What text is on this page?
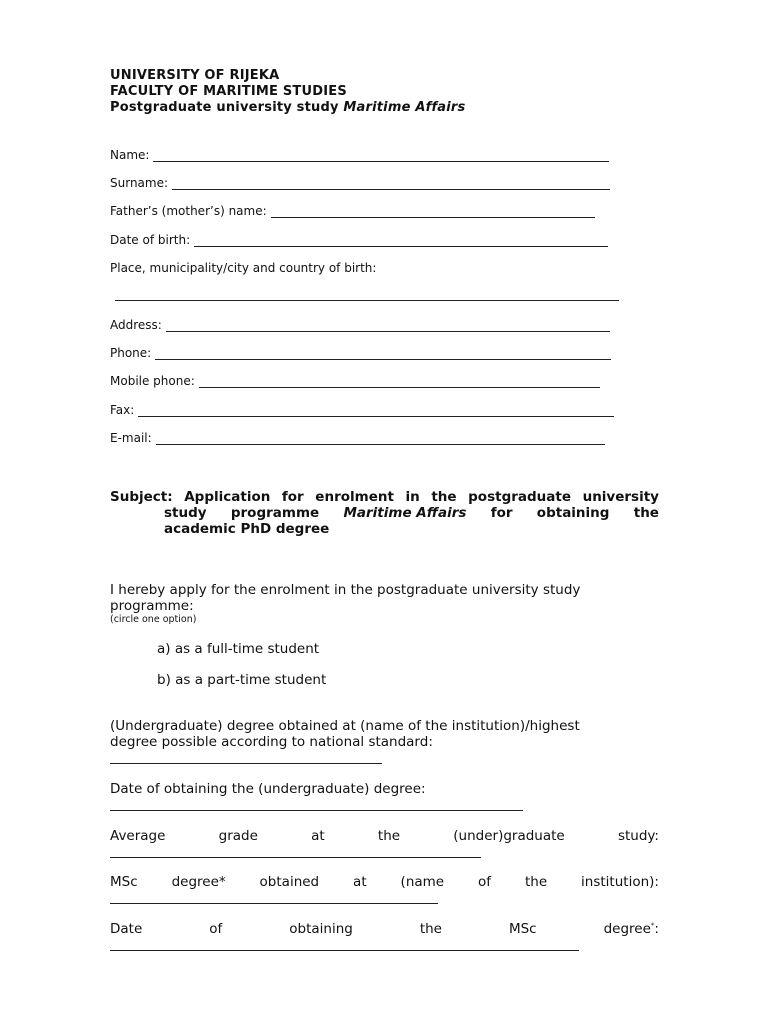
UNIVERSITY OF RIJEKA
FACULTY OF MARITIME STUDIES
Postgraduate university study Maritime Affairs
Name:
Surname:
Father’s (mother’s) name:
Date of birth:
Place, municipality/city and country of birth:
Address:
Phone:
Mobile phone:
Fax:
E-mail:
Subject: Application for enrolment in the postgraduate university
study programme Maritime Affairs for obtaining the
academic PhD degree
I hereby apply for the enrolment in the postgraduate university study
programme:
(circle one option)
a) as a full-time student
b) as a part-time student
(Undergraduate) degree obtained at (name of the institution)/highest
degree possible according to national standard:
Date of obtaining the (undergraduate) degree:
Average	grade	at	the	(under)graduate	study:
MSc	degree*	obtained	at	(name	of	the	institution):
Date	of	obtaining	the	MSc	degree*:
